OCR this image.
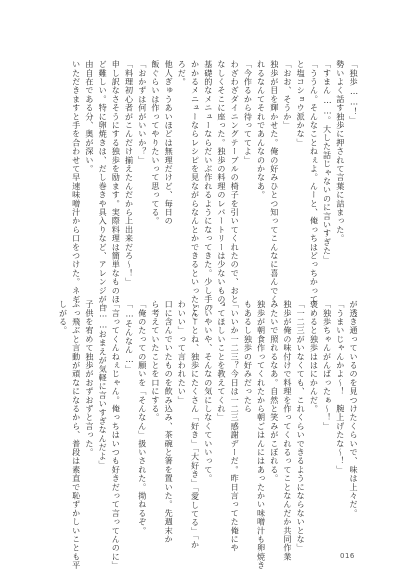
「独歩……！」
勢いよく話す独歩に押されて言葉に詰まった。
「すまん……。大した話じゃないのに言いすぎた」
「ううん。そんなことねぇよ。んーと、俺っちはどっちかって
と塩コショウ派かな」
「おお、そうか」
独歩が目を輝かせた。俺の好みひとつ知ってこんなに喜んでく
れるなんてそれであんなのかなあ。
「今作るから待っててよ」
わざわざダイニングテーブルの椅子を引いてくれたので、おと
なしくそこに座った。独歩の料理のレパートリーは少ないもの、
基礎的なメニューならだいぶ作れるようになってきた。少し手の
かかるメニューならレシピを見ながらなんとかできるといったとこ
ろだ。
他人ぎゅうあいほどは無理だけど、毎日の
飯ぐらいは作ってやりたいって思ってる。
「おかずは何がいいか？」
「料理初心者がこんだけ揃えたんだから上出来だろ～！」
申し訳なさそうにする独歩を励ます。実際料理は簡単なものほ
ど難しい。特に卵焼きは、だし巻きや具入りなど、アレンジが自
由自在である分、奥が深い。
いただきますと手を合わせて早速味噌汁から口をつけた。ネギ
が透き通っているのを見つけたくらいで、味は上々だ。
「うまいじゃんかよ～！　腕上げたな～！」
「独歩ちゃんがんばったぁ～！」
褒めると独歩ははにかんだ。
「一二三がいなくても、これくらいできるようにならないとな」
独歩が俺の味付けで料理を作ってくれるってことなんだか共同作業
みたいで照れるなあ。自然と笑みがこぼれる。
独歩が朝食作ってくれたから朝ごはんにはあったかい味噌汁も卵焼き
もあるし独歩の好みだったら
「いいか一二三？今日は一二三感謝デーだ。昨日言ってた俺にや
ってほしいことを教えてくれ」
「いやいや、そんなの気にしなくていいって。
「んーとね、独歩にたくさん「好き」「大好き」「愛してる」「か
わいい」って言われたい」
口に含んでいたものを飲み込み、茶碗と箸を置いた。先週末か
ら考えていたことを口にする。
「俺のたっての願いを「そんなん」扱いされた。拗ねるぞ。
「…そんなん…」
「言ってくんねぇじゃん。俺っちはいつも好きだって言ってんのに」
「……おまえが気軽に言いすぎなんだよ」
子供を宥めて独歩がおずおずと言った。
ぶっ飛ぶと言動が頑なになるから、普段は素直で恥ずかしいことも平
しがる。
016
